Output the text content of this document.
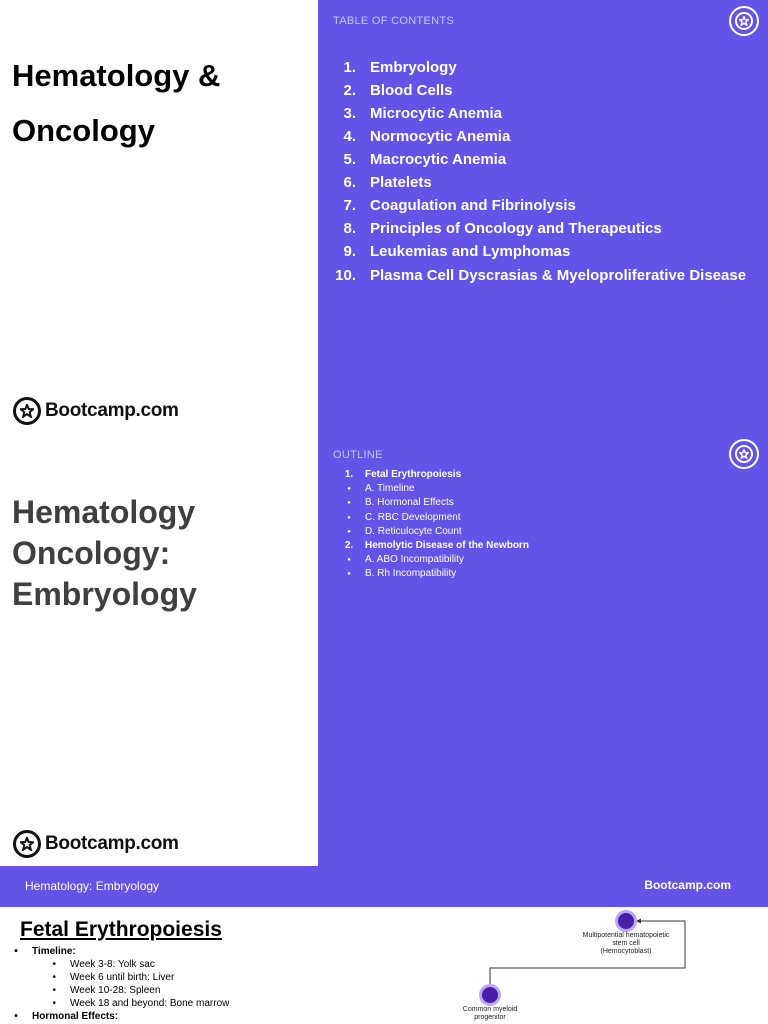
Hematology &
Oncology
Bootcamp.com
TABLE OF CONTENTS
1. Embryology
2. Blood Cells
3. Microcytic Anemia
4. Normocytic Anemia
5. Macrocytic Anemia
6. Platelets
7. Coagulation and Fibrinolysis
8. Principles of Oncology and Therapeutics
9. Leukemias and Lymphomas
10. Plasma Cell Dyscrasias & Myeloproliferative Disease
Hematology
Oncology:
Embryology
Bootcamp.com
OUTLINE
1.	Fetal Erythropoiesis
●	A. Timeline
●	B. Hormonal Effects
●	C. RBC Development
●	D. Reticulocyte Count
2.	Hemolytic Disease of the Newborn
●	A. ABO Incompatibility
●	B. Rh Incompatibility
Hematology: Embryology	Bootcamp.com
Fetal Erythropoiesis
•	Timeline:
•	Week 3-8: Yolk sac
•	Week 6 until birth: Liver
•	Week 10-28: Spleen
•	Week 18 and beyond: Bone marrow
•	Hormonal Effects:
Multipotential hematopoietic
stem cell
(Hemocytoblast)
Common myeloid
progenitor
